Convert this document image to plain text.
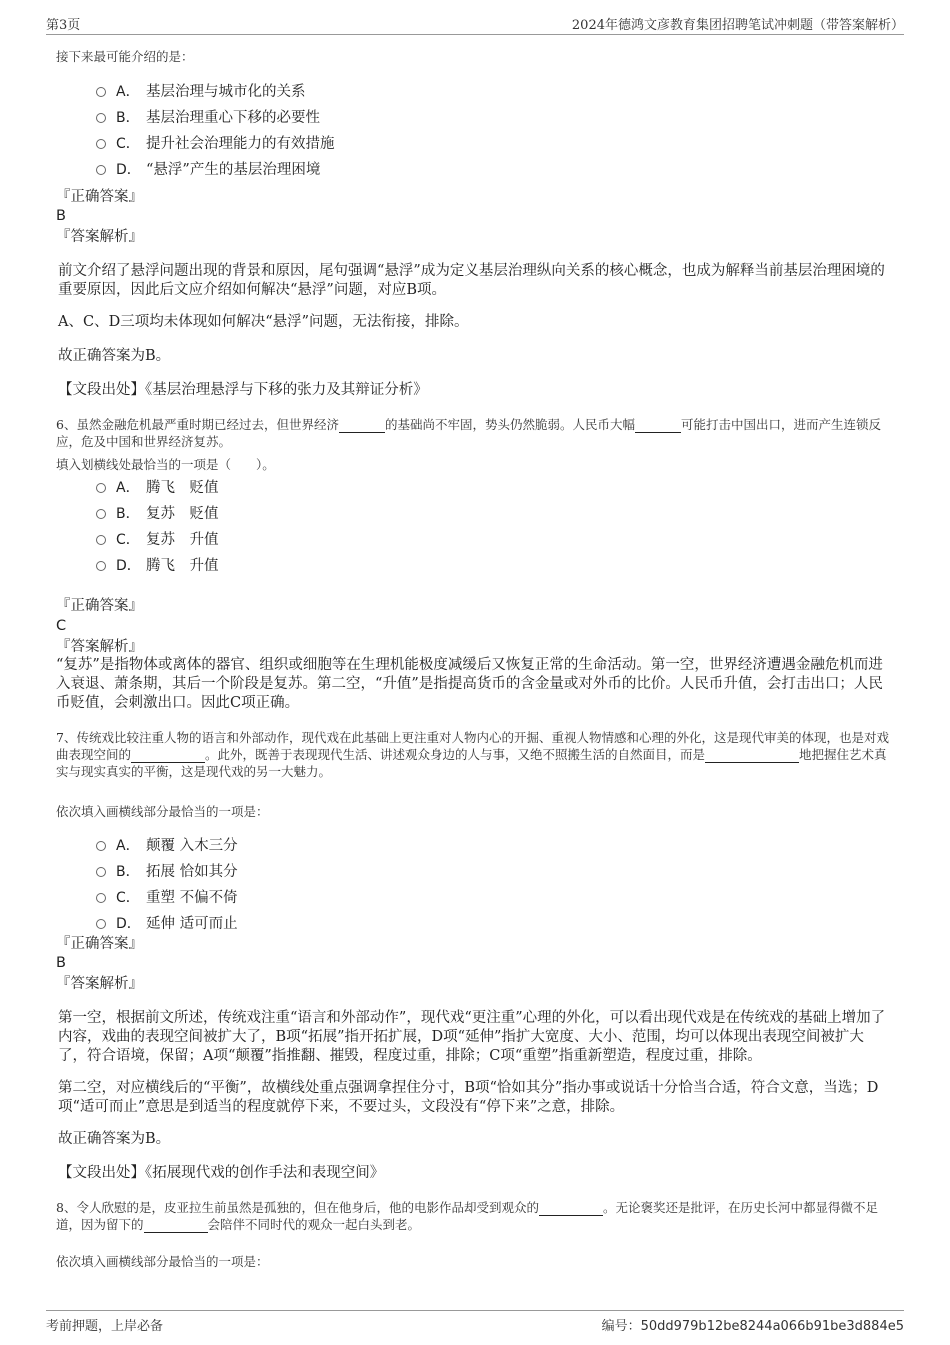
第3页	2024年德鸿文彦教育集团招聘笔试冲刺题（带答案解析）
接下来最可能介绍的是：
A． 基层治理与城市化的关系
B． 基层治理重心下移的必要性
C． 提升社会治理能力的有效措施
D． “悬浮”产生的基层治理困境
『正确答案』
B
『答案解析』
前文介绍了悬浮问题出现的背景和原因，尾句强调“悬浮”成为定义基层治理纵向关系的核心概念，也成为解释当前基层治理困境的重要原因，因此后文应介绍如何解决“悬浮”问题，对应B项。
A、C、D三项均未体现如何解决“悬浮”问题，无法衔接，排除。
故正确答案为B。
【文段出处】《基层治理悬浮与下移的张力及其辩证分析》
6、虽然金融危机最严重时期已经过去，但世界经济	的基础尚不牢固，势头仍然脆弱。人民币大幅	可能打击中国出口，进而产生连锁反应，危及中国和世界经济复苏。
填入划横线处最恰当的一项是（　　）。
A． 腾飞　贬值
B． 复苏　贬值
C． 复苏　升值
D． 腾飞　升值
『正确答案』
C
『答案解析』
“复苏”是指物体或离体的器官、组织或细胞等在生理机能极度减缓后又恢复正常的生命活动。第一空，世界经济遭遇金融危机而进入衰退、萧条期，其后一个阶段是复苏。第二空，“升值”是指提高货币的含金量或对外币的比价。人民币升值，会打击出口；人民币贬值，会刺激出口。因此C项正确。
7、传统戏比较注重人物的语言和外部动作，现代戏在此基础上更注重对人物内心的开掘、重视人物情感和心理的外化，这是现代审美的体现，也是对戏曲表现空间的	。此外，既善于表现现代生活、讲述观众身边的人与事，又绝不照搬生活的自然面目，而是	地把握住艺术真实与现实真实的平衡，这是现代戏的另一大魅力。
依次填入画横线部分最恰当的一项是：
A． 颠覆 入木三分
B． 拓展 恰如其分
C． 重塑 不偏不倚
D． 延伸 适可而止
『正确答案』
B
『答案解析』
第一空，根据前文所述，传统戏注重“语言和外部动作”，现代戏“更注重”心理的外化，可以看出现代戏是在传统戏的基础上增加了内容，戏曲的表现空间被扩大了，B项“拓展”指开拓扩展，D项“延伸”指扩大宽度、大小、范围，均可以体现出表现空间被扩大了，符合语境，保留；A项“颠覆”指推翻、摧毁，程度过重，排除；C项“重塑”指重新塑造，程度过重，排除。
第二空，对应横线后的“平衡”，故横线处重点强调拿捏住分寸，B项“恰如其分”指办事或说话十分恰当合适，符合文意，当选；D项“适可而止”意思是到适当的程度就停下来，不要过头，文段没有“停下来”之意，排除。
故正确答案为B。
【文段出处】《拓展现代戏的创作手法和表现空间》
8、令人欣慰的是，皮亚拉生前虽然是孤独的，但在他身后，他的电影作品却受到观众的	。无论褒奖还是批评，在历史长河中都显得微不足道，因为留下的	会陪伴不同时代的观众一起白头到老。
依次填入画横线部分最恰当的一项是：
考前押题，上岸必备	编号：50dd979b12be8244a066b91be3d884e5
